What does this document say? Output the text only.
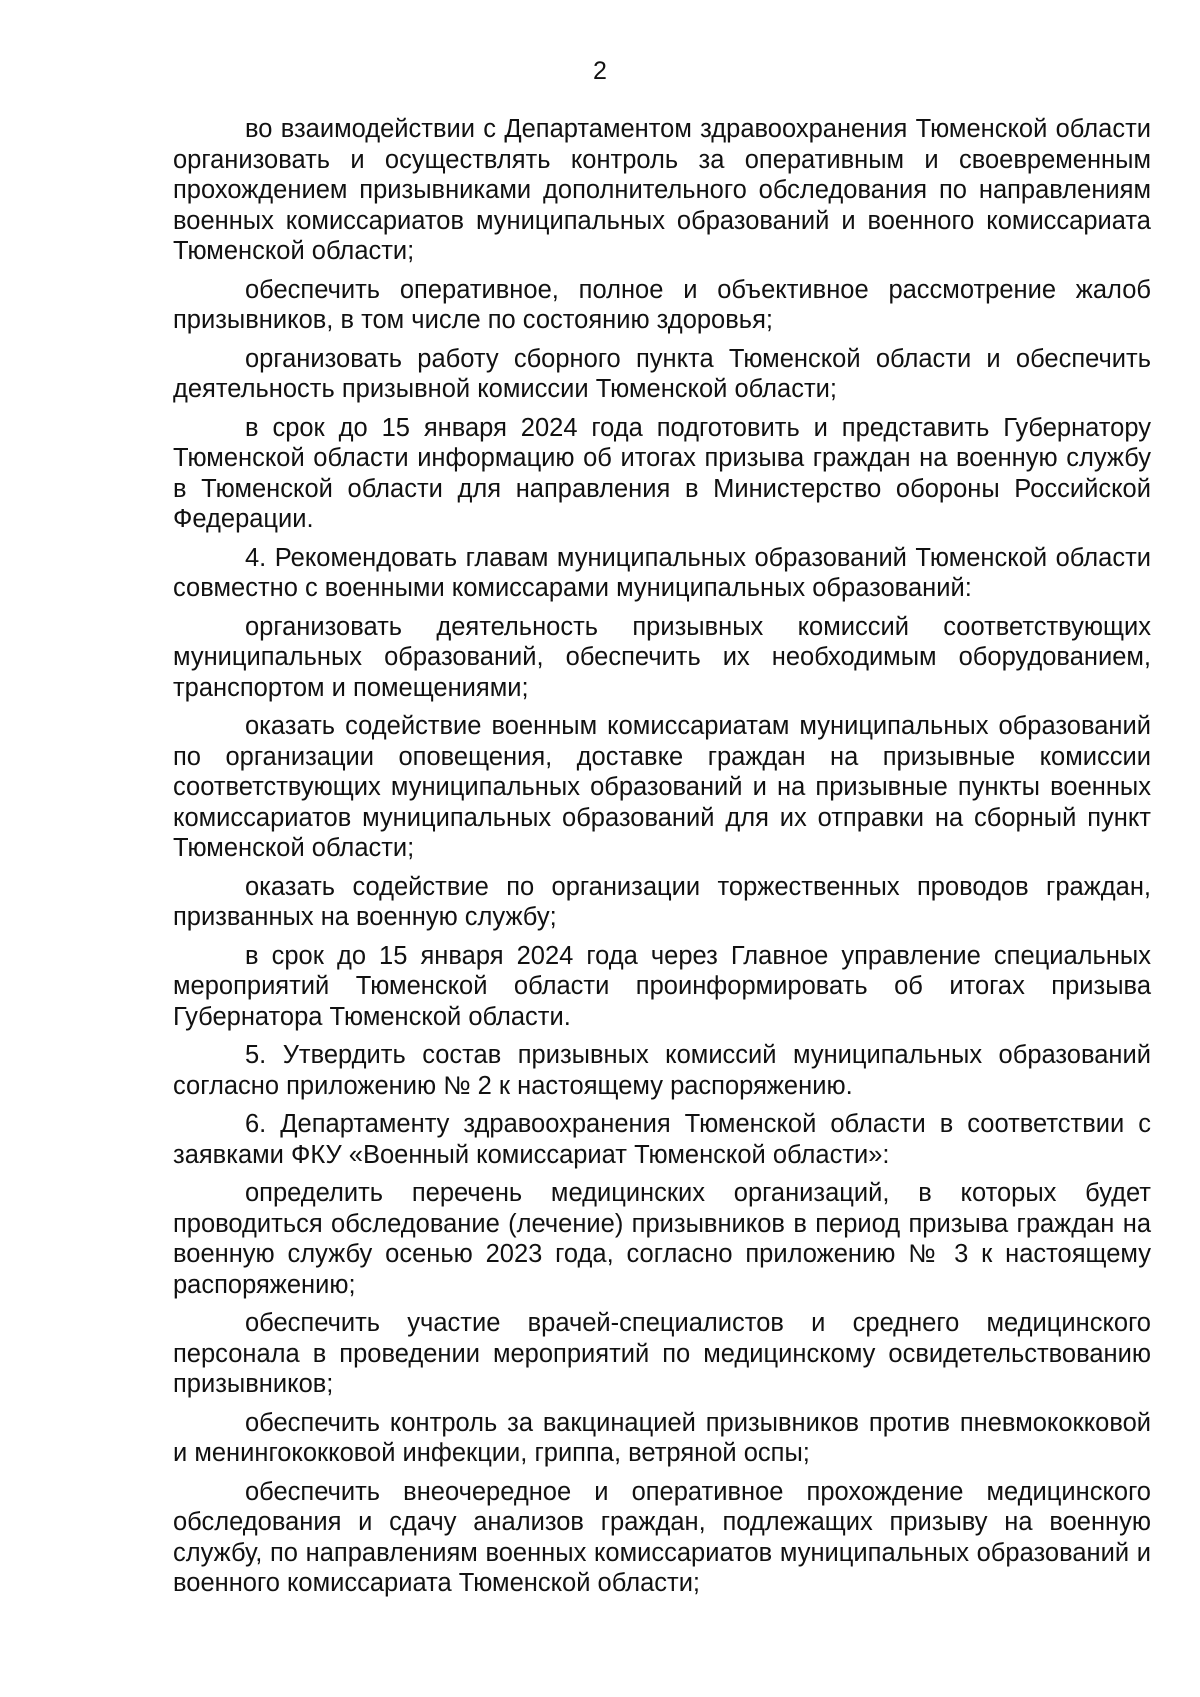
2

во взаимодействии с Департаментом здравоохранения Тюменской области организовать и осуществлять контроль за оперативным и своевременным прохождением призывниками дополнительного обследования по направлениям военных комиссариатов муниципальных образований и военного комиссариата Тюменской области;

обеспечить оперативное, полное и объективное рассмотрение жалоб призывников, в том числе по состоянию здоровья;

организовать работу сборного пункта Тюменской области и обеспечить деятельность призывной комиссии Тюменской области;

в срок до 15 января 2024 года подготовить и представить Губернатору Тюменской области информацию об итогах призыва граждан на военную службу в Тюменской области для направления в Министерство обороны Российской Федерации.

4. Рекомендовать главам муниципальных образований Тюменской области совместно с военными комиссарами муниципальных образований:

организовать деятельность призывных комиссий соответствующих муниципальных образований, обеспечить их необходимым оборудованием, транспортом и помещениями;

оказать содействие военным комиссариатам муниципальных образований по организации оповещения, доставке граждан на призывные комиссии соответствующих муниципальных образований и на призывные пункты военных комиссариатов муниципальных образований для их отправки на сборный пункт Тюменской области;

оказать содействие по организации торжественных проводов граждан, призванных на военную службу;

в срок до 15 января 2024 года через Главное управление специальных мероприятий Тюменской области проинформировать об итогах призыва Губернатора Тюменской области.

5. Утвердить состав призывных комиссий муниципальных образований согласно приложению № 2 к настоящему распоряжению.

6. Департаменту здравоохранения Тюменской области в соответствии с заявками ФКУ «Военный комиссариат Тюменской области»:

определить перечень медицинских организаций, в которых будет проводиться обследование (лечение) призывников в период призыва граждан на военную службу осенью 2023 года, согласно приложению № 3 к настоящему распоряжению;

обеспечить участие врачей-специалистов и среднего медицинского персонала в проведении мероприятий по медицинскому освидетельствованию призывников;

обеспечить контроль за вакцинацией призывников против пневмококковой и менингококковой инфекции, гриппа, ветряной оспы;

обеспечить внеочередное и оперативное прохождение медицинского обследования и сдачу анализов граждан, подлежащих призыву на военную службу, по направлениям военных комиссариатов муниципальных образований и военного комиссариата Тюменской области;
